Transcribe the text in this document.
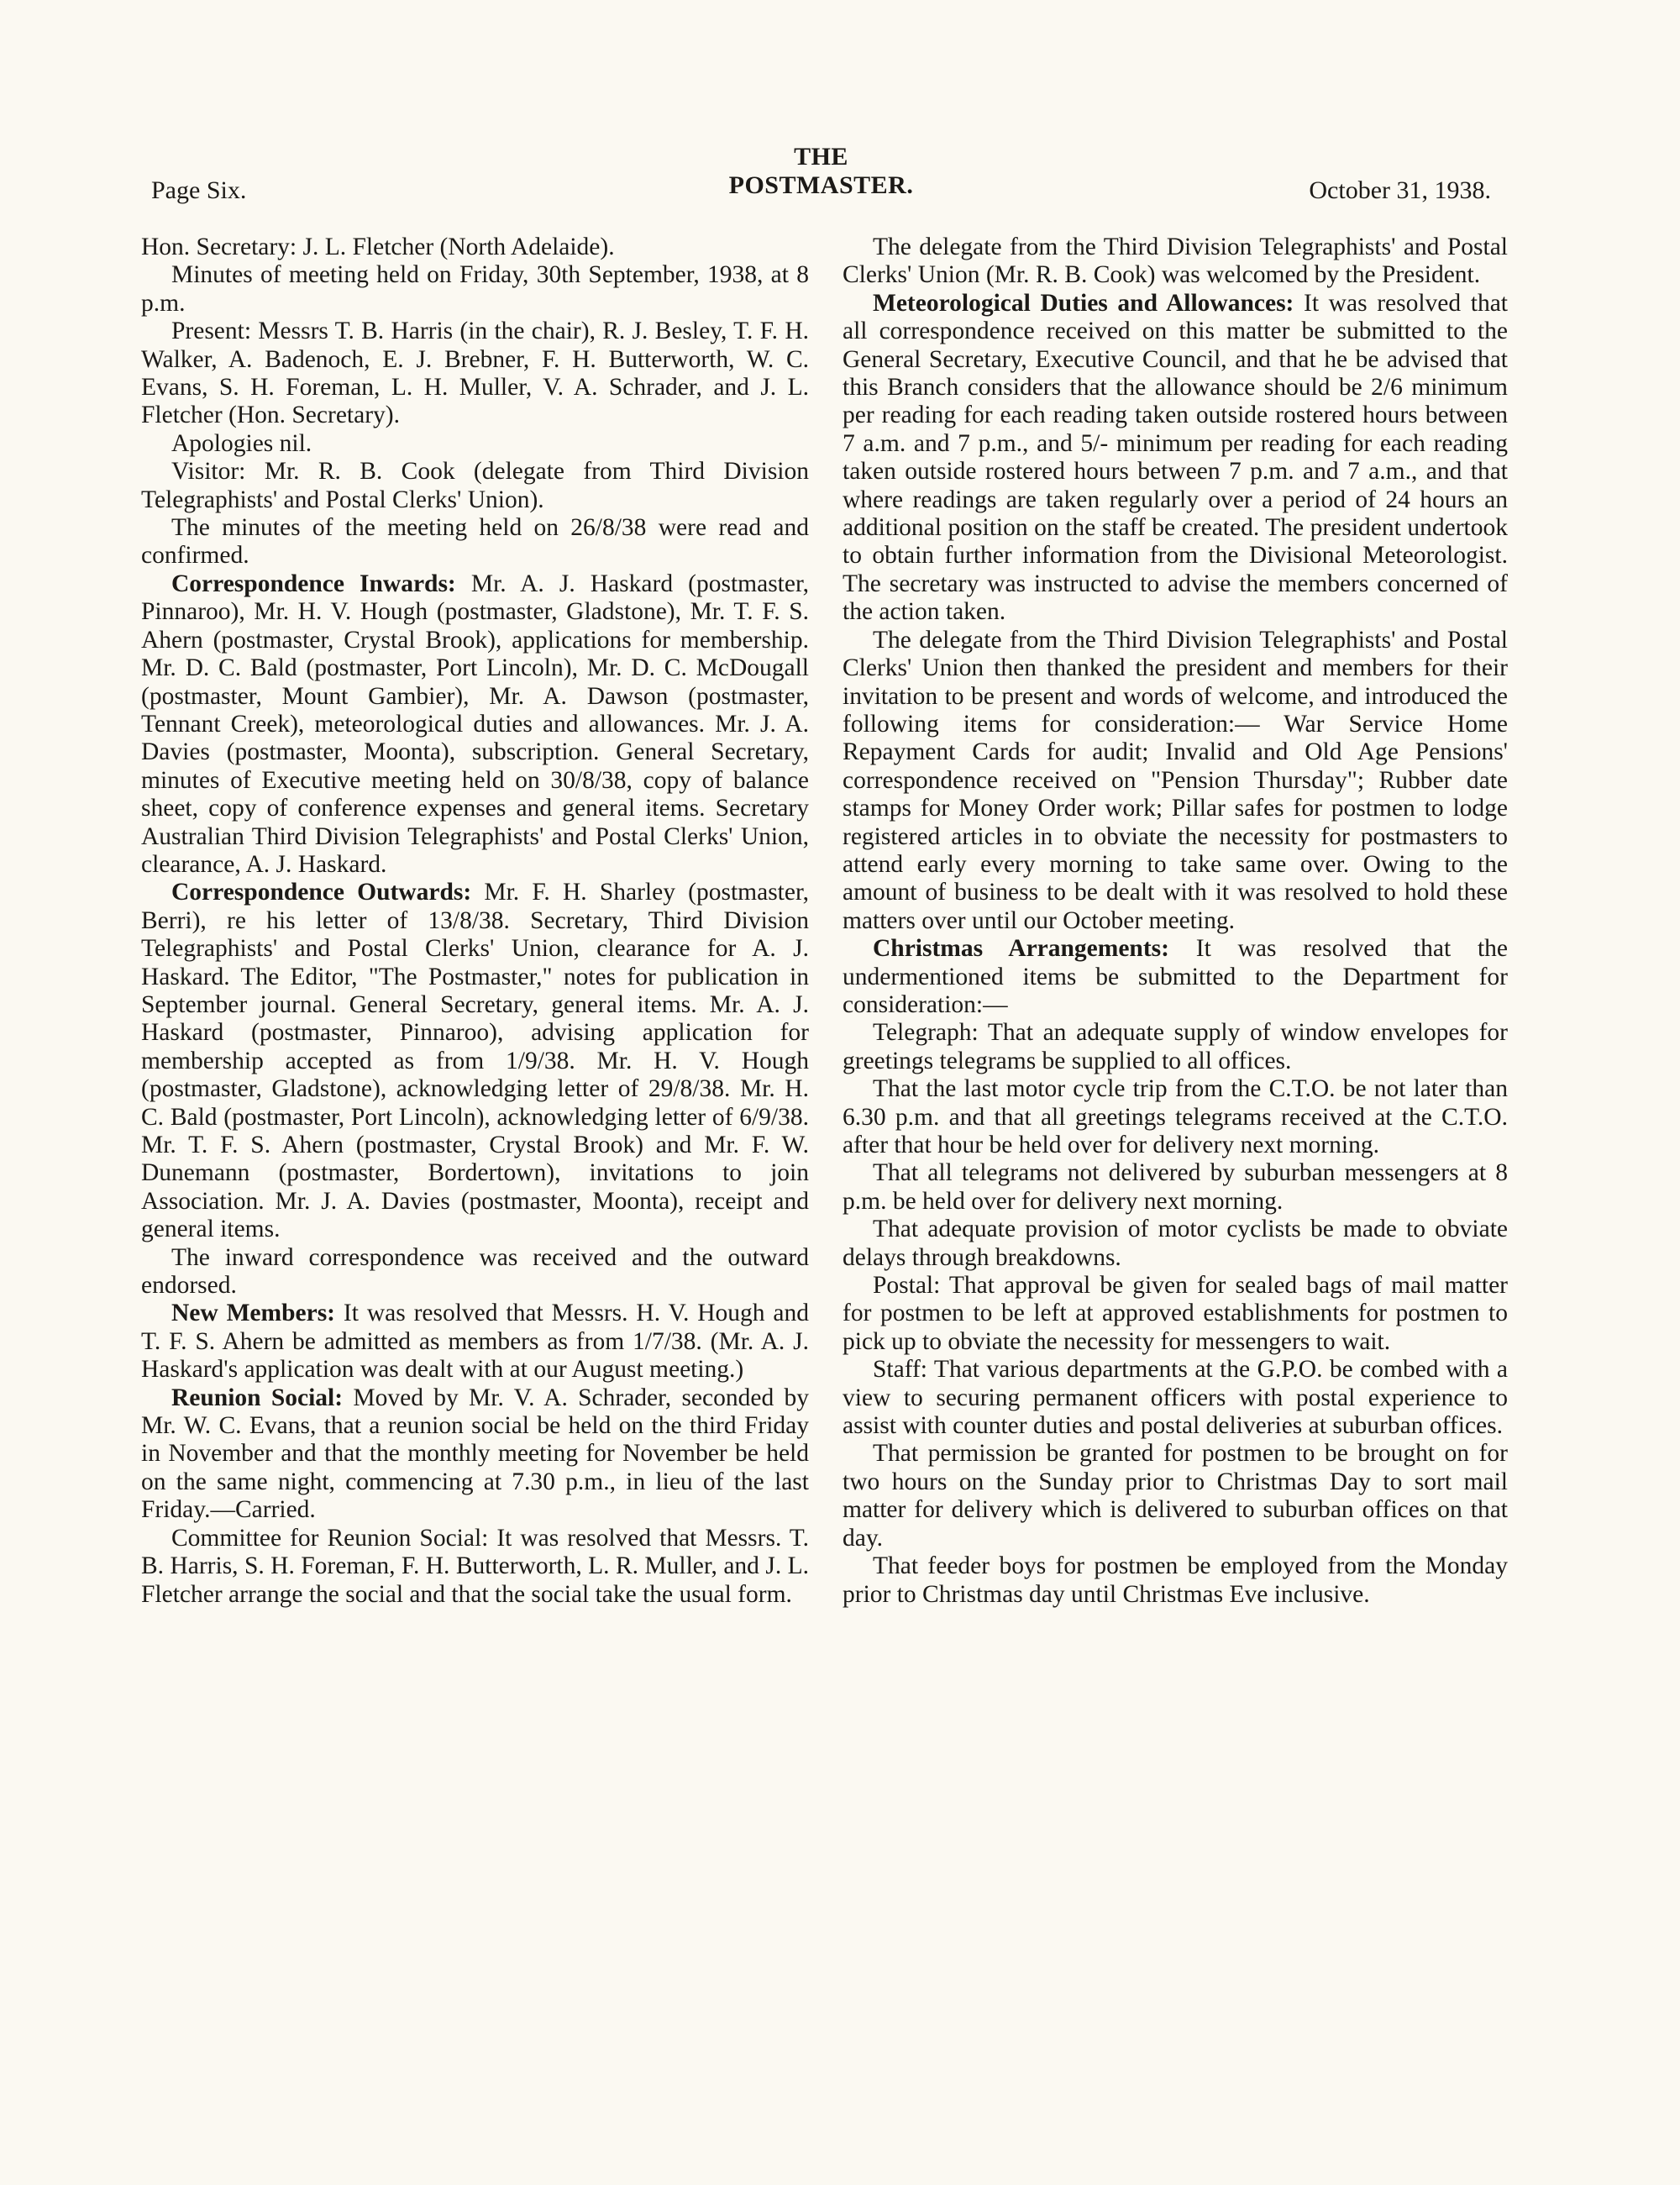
Page Six.
THE
POSTMASTER.	October 31, 1938.

Hon. Secretary: J. L. Fletcher (North Adelaide).

Minutes of meeting held on Friday, 30th September, 1938, at 8 p.m.

Present: Messrs T. B. Harris (in the chair), R. J. Besley, T. F. H. Walker, A. Badenoch, E. J. Brebner, F. H. Butterworth, W. C. Evans, S. H. Foreman, L. H. Muller, V. A. Schrader, and J. L. Fletcher (Hon. Secretary).

Apologies nil.

Visitor: Mr. R. B. Cook (delegate from Third Division Telegraphists' and Postal Clerks' Union).

The minutes of the meeting held on 26/8/38 were read and confirmed.

Correspondence Inwards: Mr. A. J. Haskard (postmaster, Pinnaroo), Mr. H. V. Hough (postmaster, Gladstone), Mr. T. F. S. Ahern (postmaster, Crystal Brook), applications for membership. Mr. D. C. Bald (postmaster, Port Lincoln), Mr. D. C. McDougall (postmaster, Mount Gambier), Mr. A. Dawson (postmaster, Tennant Creek), meteorological duties and allowances. Mr. J. A. Davies (postmaster, Moonta), subscription. General Secretary, minutes of Executive meeting held on 30/8/38, copy of balance sheet, copy of conference expenses and general items. Secretary Australian Third Division Telegraphists' and Postal Clerks' Union, clearance, A. J. Haskard.

Correspondence Outwards: Mr. F. H. Sharley (postmaster, Berri), re his letter of 13/8/38. Secretary, Third Division Telegraphists' and Postal Clerks' Union, clearance for A. J. Haskard. The Editor, "The Postmaster," notes for publication in September journal. General Secretary, general items. Mr. A. J. Haskard (postmaster, Pinnaroo), advising application for membership accepted as from 1/9/38. Mr. H. V. Hough (postmaster, Gladstone), acknowledging letter of 29/8/38. Mr. H. C. Bald (postmaster, Port Lincoln), acknowledging letter of 6/9/38. Mr. T. F. S. Ahern (postmaster, Crystal Brook) and Mr. F. W. Dunemann (postmaster, Bordertown), invitations to join Association. Mr. J. A. Davies (postmaster, Moonta), receipt and general items.

The inward correspondence was received and the outward endorsed.

New Members: It was resolved that Messrs. H. V. Hough and T. F. S. Ahern be admitted as members as from 1/7/38. (Mr. A. J. Haskard's application was dealt with at our August meeting.)

Reunion Social: Moved by Mr. V. A. Schrader, seconded by Mr. W. C. Evans, that a reunion social be held on the third Friday in November and that the monthly meeting for November be held on the same night, commencing at 7.30 p.m., in lieu of the last Friday.—Carried.

Committee for Reunion Social: It was resolved that Messrs. T. B. Harris, S. H. Foreman, F. H. Butterworth, L. R. Muller, and J. L. Fletcher arrange the social and that the social take the usual form.

The delegate from the Third Division Telegraphists' and Postal Clerks' Union (Mr. R. B. Cook) was welcomed by the President.

Meteorological Duties and Allowances: It was resolved that all correspondence received on this matter be submitted to the General Secretary, Executive Council, and that he be advised that this Branch considers that the allowance should be 2/6 minimum per reading for each reading taken outside rostered hours between 7 a.m. and 7 p.m., and 5/- minimum per reading for each reading taken outside rostered hours between 7 p.m. and 7 a.m., and that where readings are taken regularly over a period of 24 hours an additional position on the staff be created. The president undertook to obtain further information from the Divisional Meteorologist. The secretary was instructed to advise the members concerned of the action taken.

The delegate from the Third Division Telegraphists' and Postal Clerks' Union then thanked the president and members for their invitation to be present and words of welcome, and introduced the following items for consideration:— War Service Home Repayment Cards for audit; Invalid and Old Age Pensions' correspondence received on "Pension Thursday"; Rubber date stamps for Money Order work; Pillar safes for postmen to lodge registered articles in to obviate the necessity for postmasters to attend early every morning to take same over. Owing to the amount of business to be dealt with it was resolved to hold these matters over until our October meeting.

Christmas Arrangements: It was resolved that the undermentioned items be submitted to the Department for consideration:—

Telegraph: That an adequate supply of window envelopes for greetings telegrams be supplied to all offices.

That the last motor cycle trip from the C.T.O. be not later than 6.30 p.m. and that all greetings telegrams received at the C.T.O. after that hour be held over for delivery next morning.

That all telegrams not delivered by suburban messengers at 8 p.m. be held over for delivery next morning.

That adequate provision of motor cyclists be made to obviate delays through breakdowns.

Postal: That approval be given for sealed bags of mail matter for postmen to be left at approved establishments for postmen to pick up to obviate the necessity for messengers to wait.

Staff: That various departments at the G.P.O. be combed with a view to securing permanent officers with postal experience to assist with counter duties and postal deliveries at suburban offices.

That permission be granted for postmen to be brought on for two hours on the Sunday prior to Christmas Day to sort mail matter for delivery which is delivered to suburban offices on that day.

That feeder boys for postmen be employed from the Monday prior to Christmas day until Christmas Eve inclusive.
